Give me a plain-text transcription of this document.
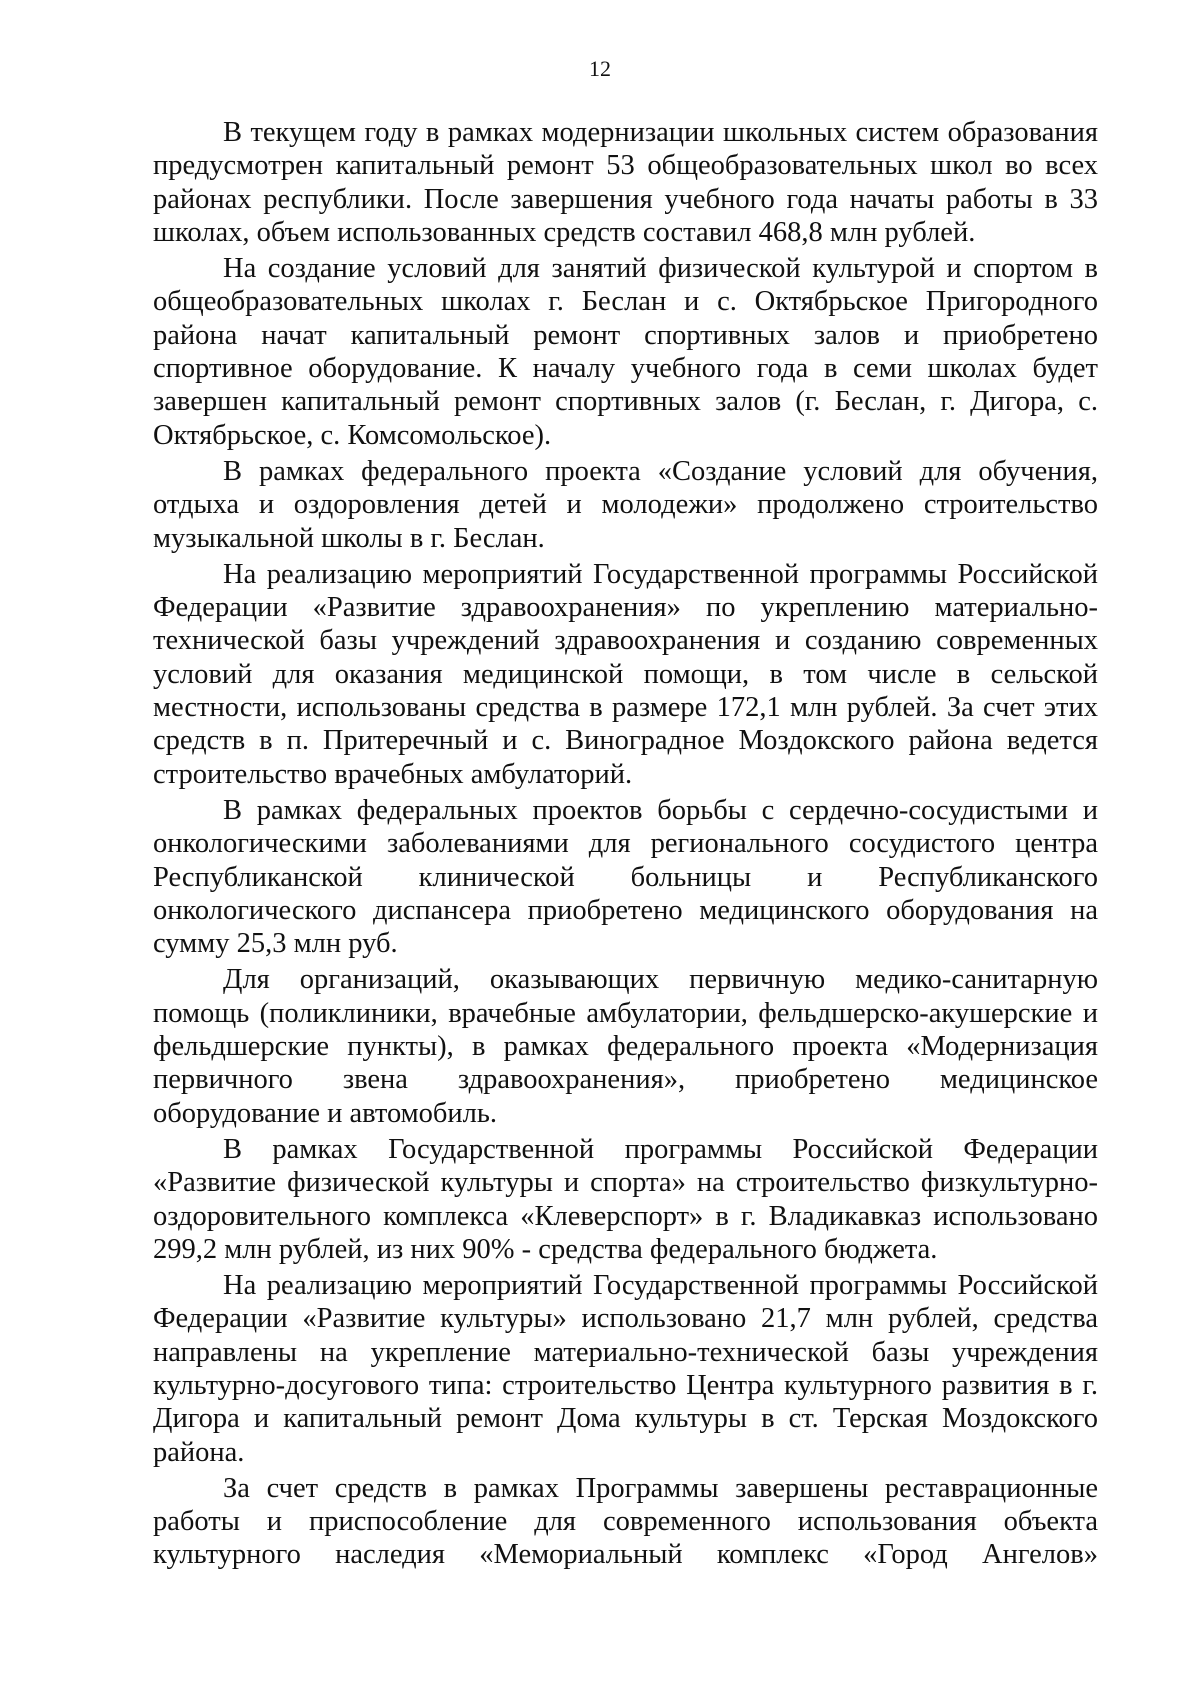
12

В текущем году в рамках модернизации школьных систем образования предусмотрен капитальный ремонт 53 общеобразовательных школ во всех районах республики. После завершения учебного года начаты работы в 33 школах, объем использованных средств составил 468,8 млн рублей.

На создание условий для занятий физической культурой и спортом в общеобразовательных школах г. Беслан и с. Октябрьское Пригородного района начат капитальный ремонт спортивных залов и приобретено спортивное оборудование. К началу учебного года в семи школах будет завершен капитальный ремонт спортивных залов (г. Беслан, г. Дигора, с. Октябрьское, с. Комсомольское).

В рамках федерального проекта «Создание условий для обучения, отдыха и оздоровления детей и молодежи» продолжено строительство музыкальной школы в г. Беслан.

На реализацию мероприятий Государственной программы Российской Федерации «Развитие здравоохранения» по укреплению материально-технической базы учреждений здравоохранения и созданию современных условий для оказания медицинской помощи, в том числе в сельской местности, использованы средства в размере 172,1 млн рублей. За счет этих средств в п. Притеречный и с. Виноградное Моздокского района ведется строительство врачебных амбулаторий.

В рамках федеральных проектов борьбы с сердечно-сосудистыми и онкологическими заболеваниями для регионального сосудистого центра Республиканской клинической больницы и Республиканского онкологического диспансера приобретено медицинского оборудования на сумму 25,3 млн руб.

Для организаций, оказывающих первичную медико-санитарную помощь (поликлиники, врачебные амбулатории, фельдшерско-акушерские и фельдшерские пункты), в рамках федерального проекта «Модернизация первичного звена здравоохранения», приобретено медицинское оборудование и автомобиль.

В рамках Государственной программы Российской Федерации «Развитие физической культуры и спорта» на строительство физкультурно-оздоровительного комплекса «Клеверспорт» в г. Владикавказ использовано 299,2 млн рублей, из них 90% - средства федерального бюджета.

На реализацию мероприятий Государственной программы Российской Федерации «Развитие культуры» использовано 21,7 млн рублей, средства направлены на укрепление материально-технической базы учреждения культурно-досугового типа: строительство Центра культурного развития в г. Дигора и капитальный ремонт Дома культуры в ст. Терская Моздокского района.

За счет средств в рамках Программы завершены реставрационные работы и приспособление для современного использования объекта культурного наследия «Мемориальный комплекс «Город Ангелов»
